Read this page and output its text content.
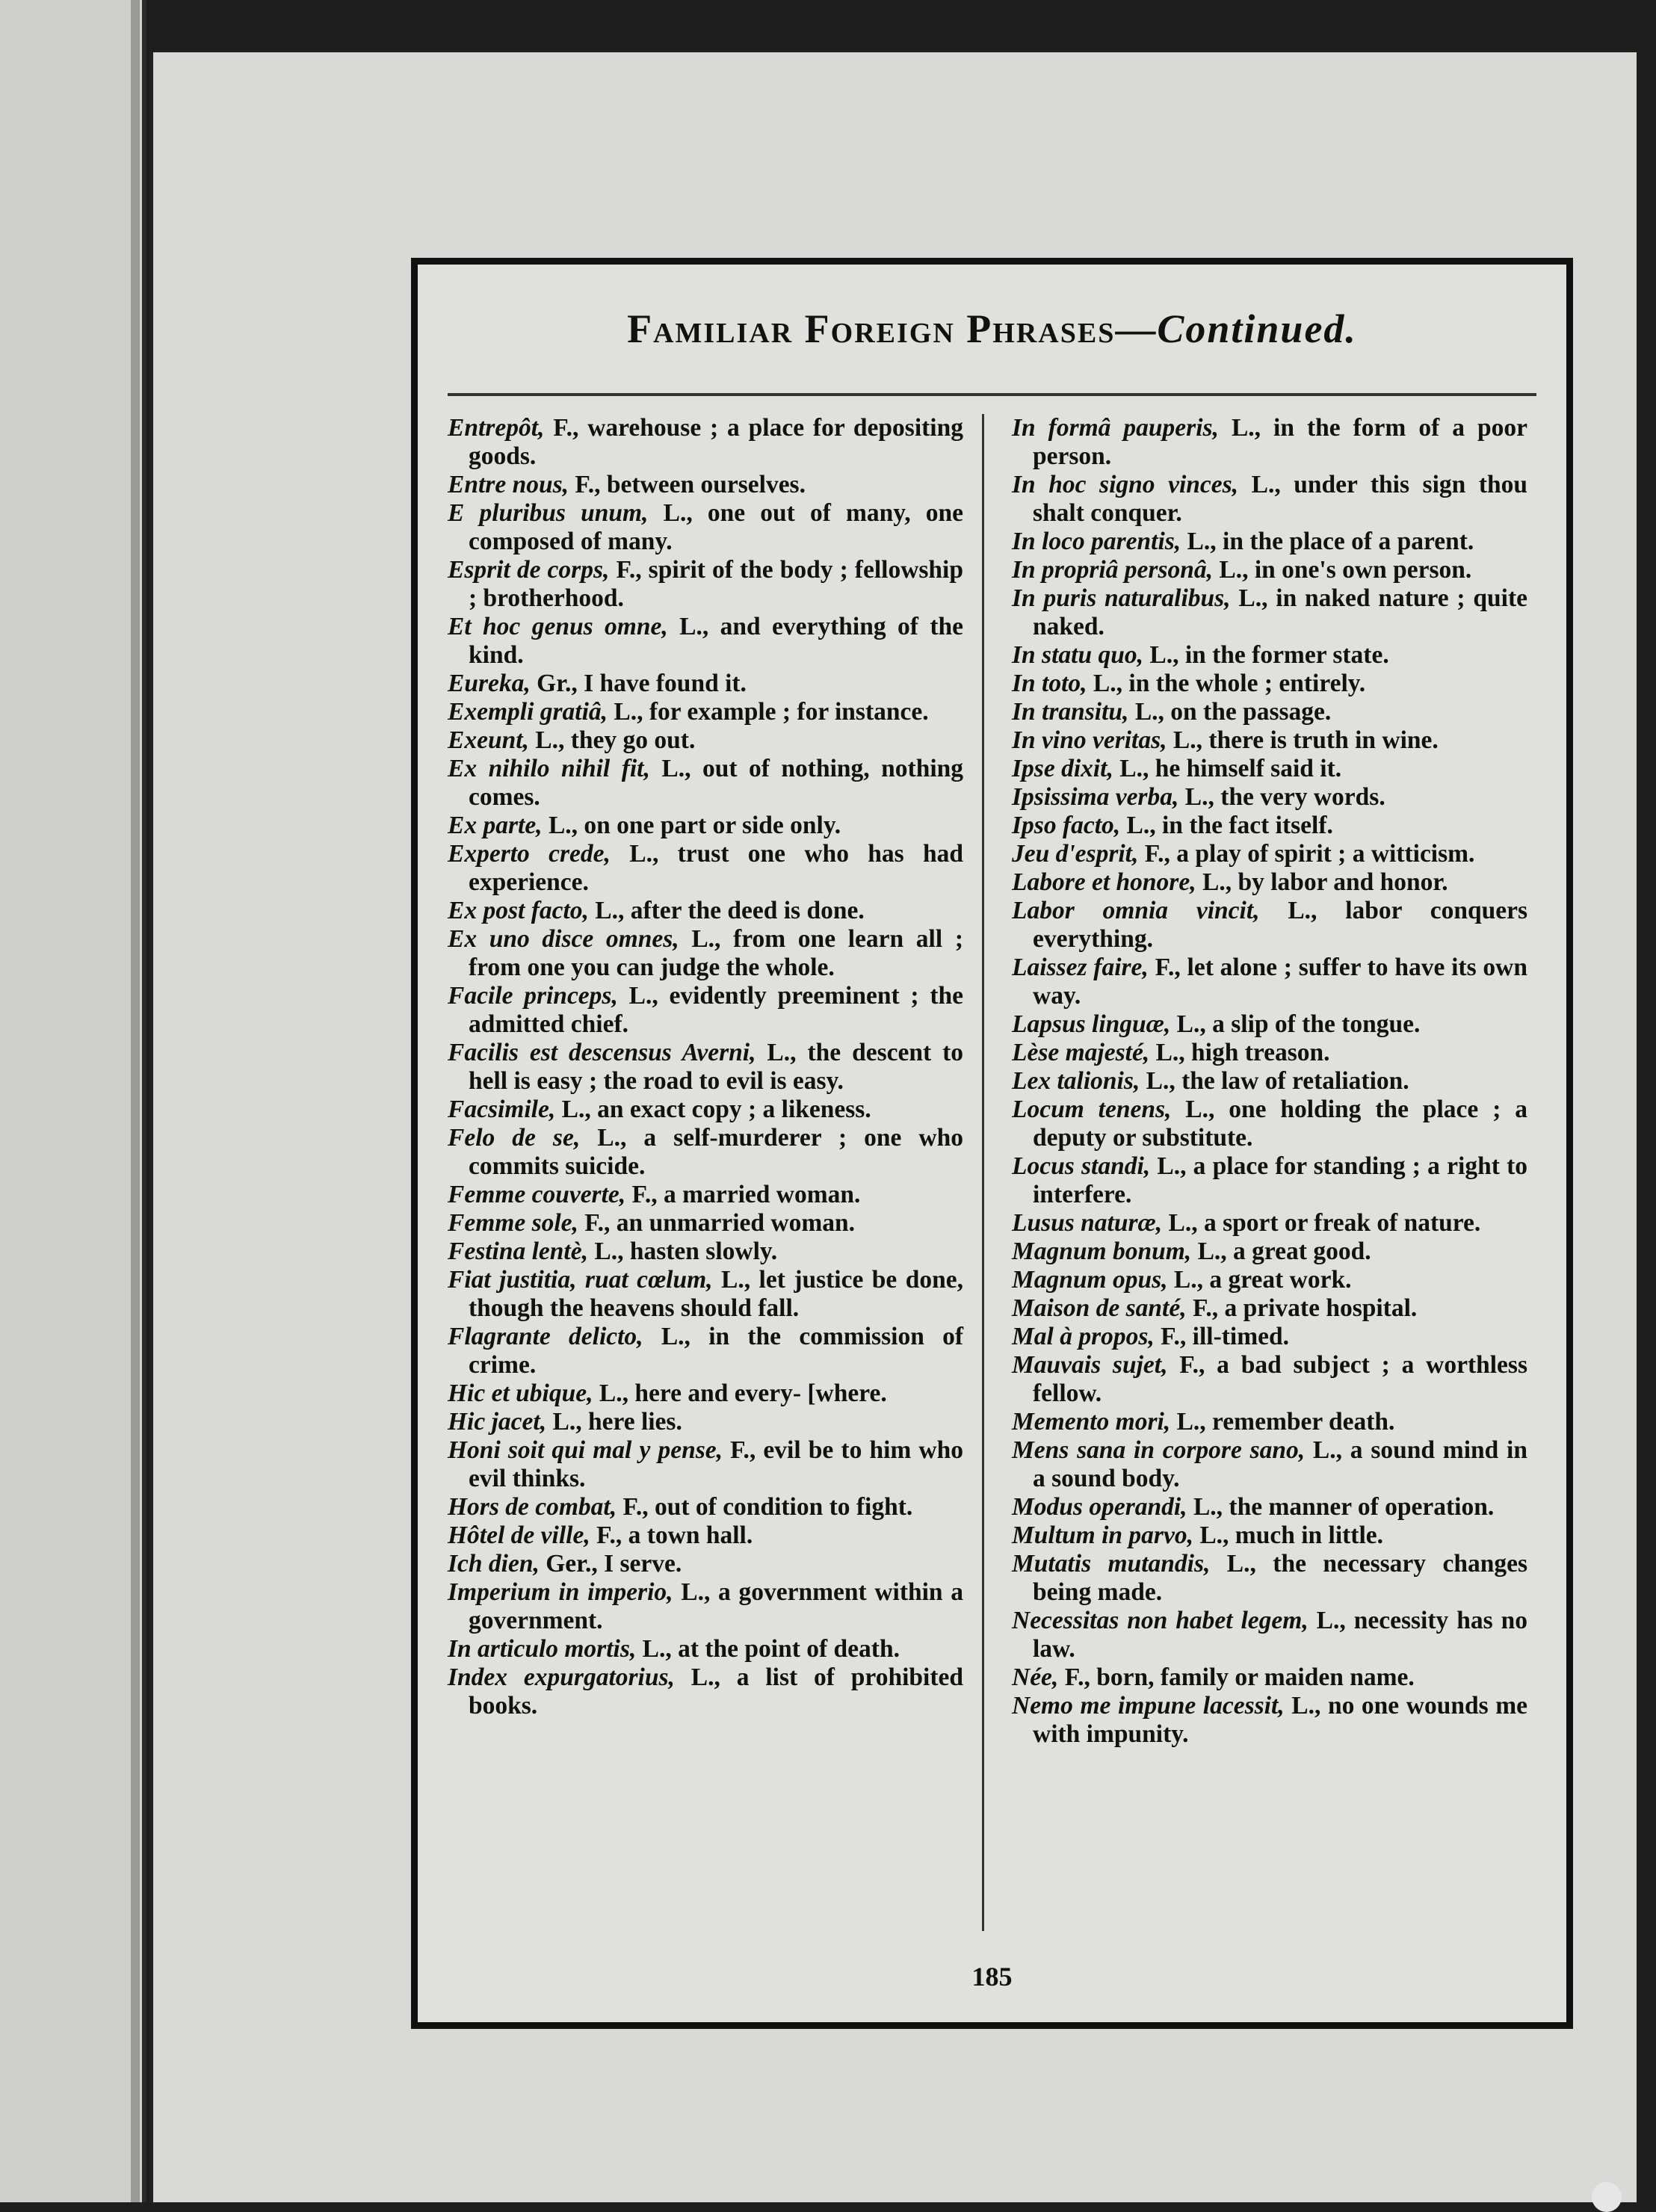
Familiar Foreign Phrases—Continued.

Entrepôt, F., warehouse ; a place for depositing goods.

Entre nous, F., between ourselves.

E pluribus unum, L., one out of many, one composed of many.

Esprit de corps, F., spirit of the body ; fellowship ; brotherhood.

Et hoc genus omne, L., and everything of the kind.

Eureka, Gr., I have found it.

Exempli gratiâ, L., for example ; for instance.

Exeunt, L., they go out.

Ex nihilo nihil fit, L., out of nothing, nothing comes.

Ex parte, L., on one part or side only.

Experto crede, L., trust one who has had experience.

Ex post facto, L., after the deed is done.

Ex uno disce omnes, L., from one learn all ; from one you can judge the whole.

Facile princeps, L., evidently preeminent ; the admitted chief.

Facilis est descensus Averni, L., the descent to hell is easy ; the road to evil is easy.

Facsimile, L., an exact copy ; a likeness.

Felo de se, L., a self-murderer ; one who commits suicide.

Femme couverte, F., a married woman.

Femme sole, F., an unmarried woman.

Festina lentè, L., hasten slowly.

Fiat justitia, ruat cœlum, L., let justice be done, though the heavens should fall.

Flagrante delicto, L., in the commission of crime.

Hic et ubique, L., here and every- [where.

Hic jacet, L., here lies.

Honi soit qui mal y pense, F., evil be to him who evil thinks.

Hors de combat, F., out of condition to fight.

Hôtel de ville, F., a town hall.

Ich dien, Ger., I serve.

Imperium in imperio, L., a government within a government.

In articulo mortis, L., at the point of death.

Index expurgatorius, L., a list of prohibited books.

In formâ pauperis, L., in the form of a poor person.

In hoc signo vinces, L., under this sign thou shalt conquer.

In loco parentis, L., in the place of a parent.

In propriâ personâ, L., in one's own person.

In puris naturalibus, L., in naked nature ; quite naked.

In statu quo, L., in the former state.

In toto, L., in the whole ; entirely.

In transitu, L., on the passage.

In vino veritas, L., there is truth in wine.

Ipse dixit, L., he himself said it.

Ipsissima verba, L., the very words.

Ipso facto, L., in the fact itself.

Jeu d'esprit, F., a play of spirit ; a witticism.

Labore et honore, L., by labor and honor.

Labor omnia vincit, L., labor conquers everything.

Laissez faire, F., let alone ; suffer to have its own way.

Lapsus linguæ, L., a slip of the tongue.

Lèse majesté, L., high treason.

Lex talionis, L., the law of retaliation.

Locum tenens, L., one holding the place ; a deputy or substitute.

Locus standi, L., a place for standing ; a right to interfere.

Lusus naturæ, L., a sport or freak of nature.

Magnum bonum, L., a great good.

Magnum opus, L., a great work.

Maison de santé, F., a private hospital.

Mal à propos, F., ill-timed.

Mauvais sujet, F., a bad subject ; a worthless fellow.

Memento mori, L., remember death.

Mens sana in corpore sano, L., a sound mind in a sound body.

Modus operandi, L., the manner of operation.

Multum in parvo, L., much in little.

Mutatis mutandis, L., the necessary changes being made.

Necessitas non habet legem, L., necessity has no law.

Née, F., born, family or maiden name.

Nemo me impune lacessit, L., no one wounds me with impunity.

185
